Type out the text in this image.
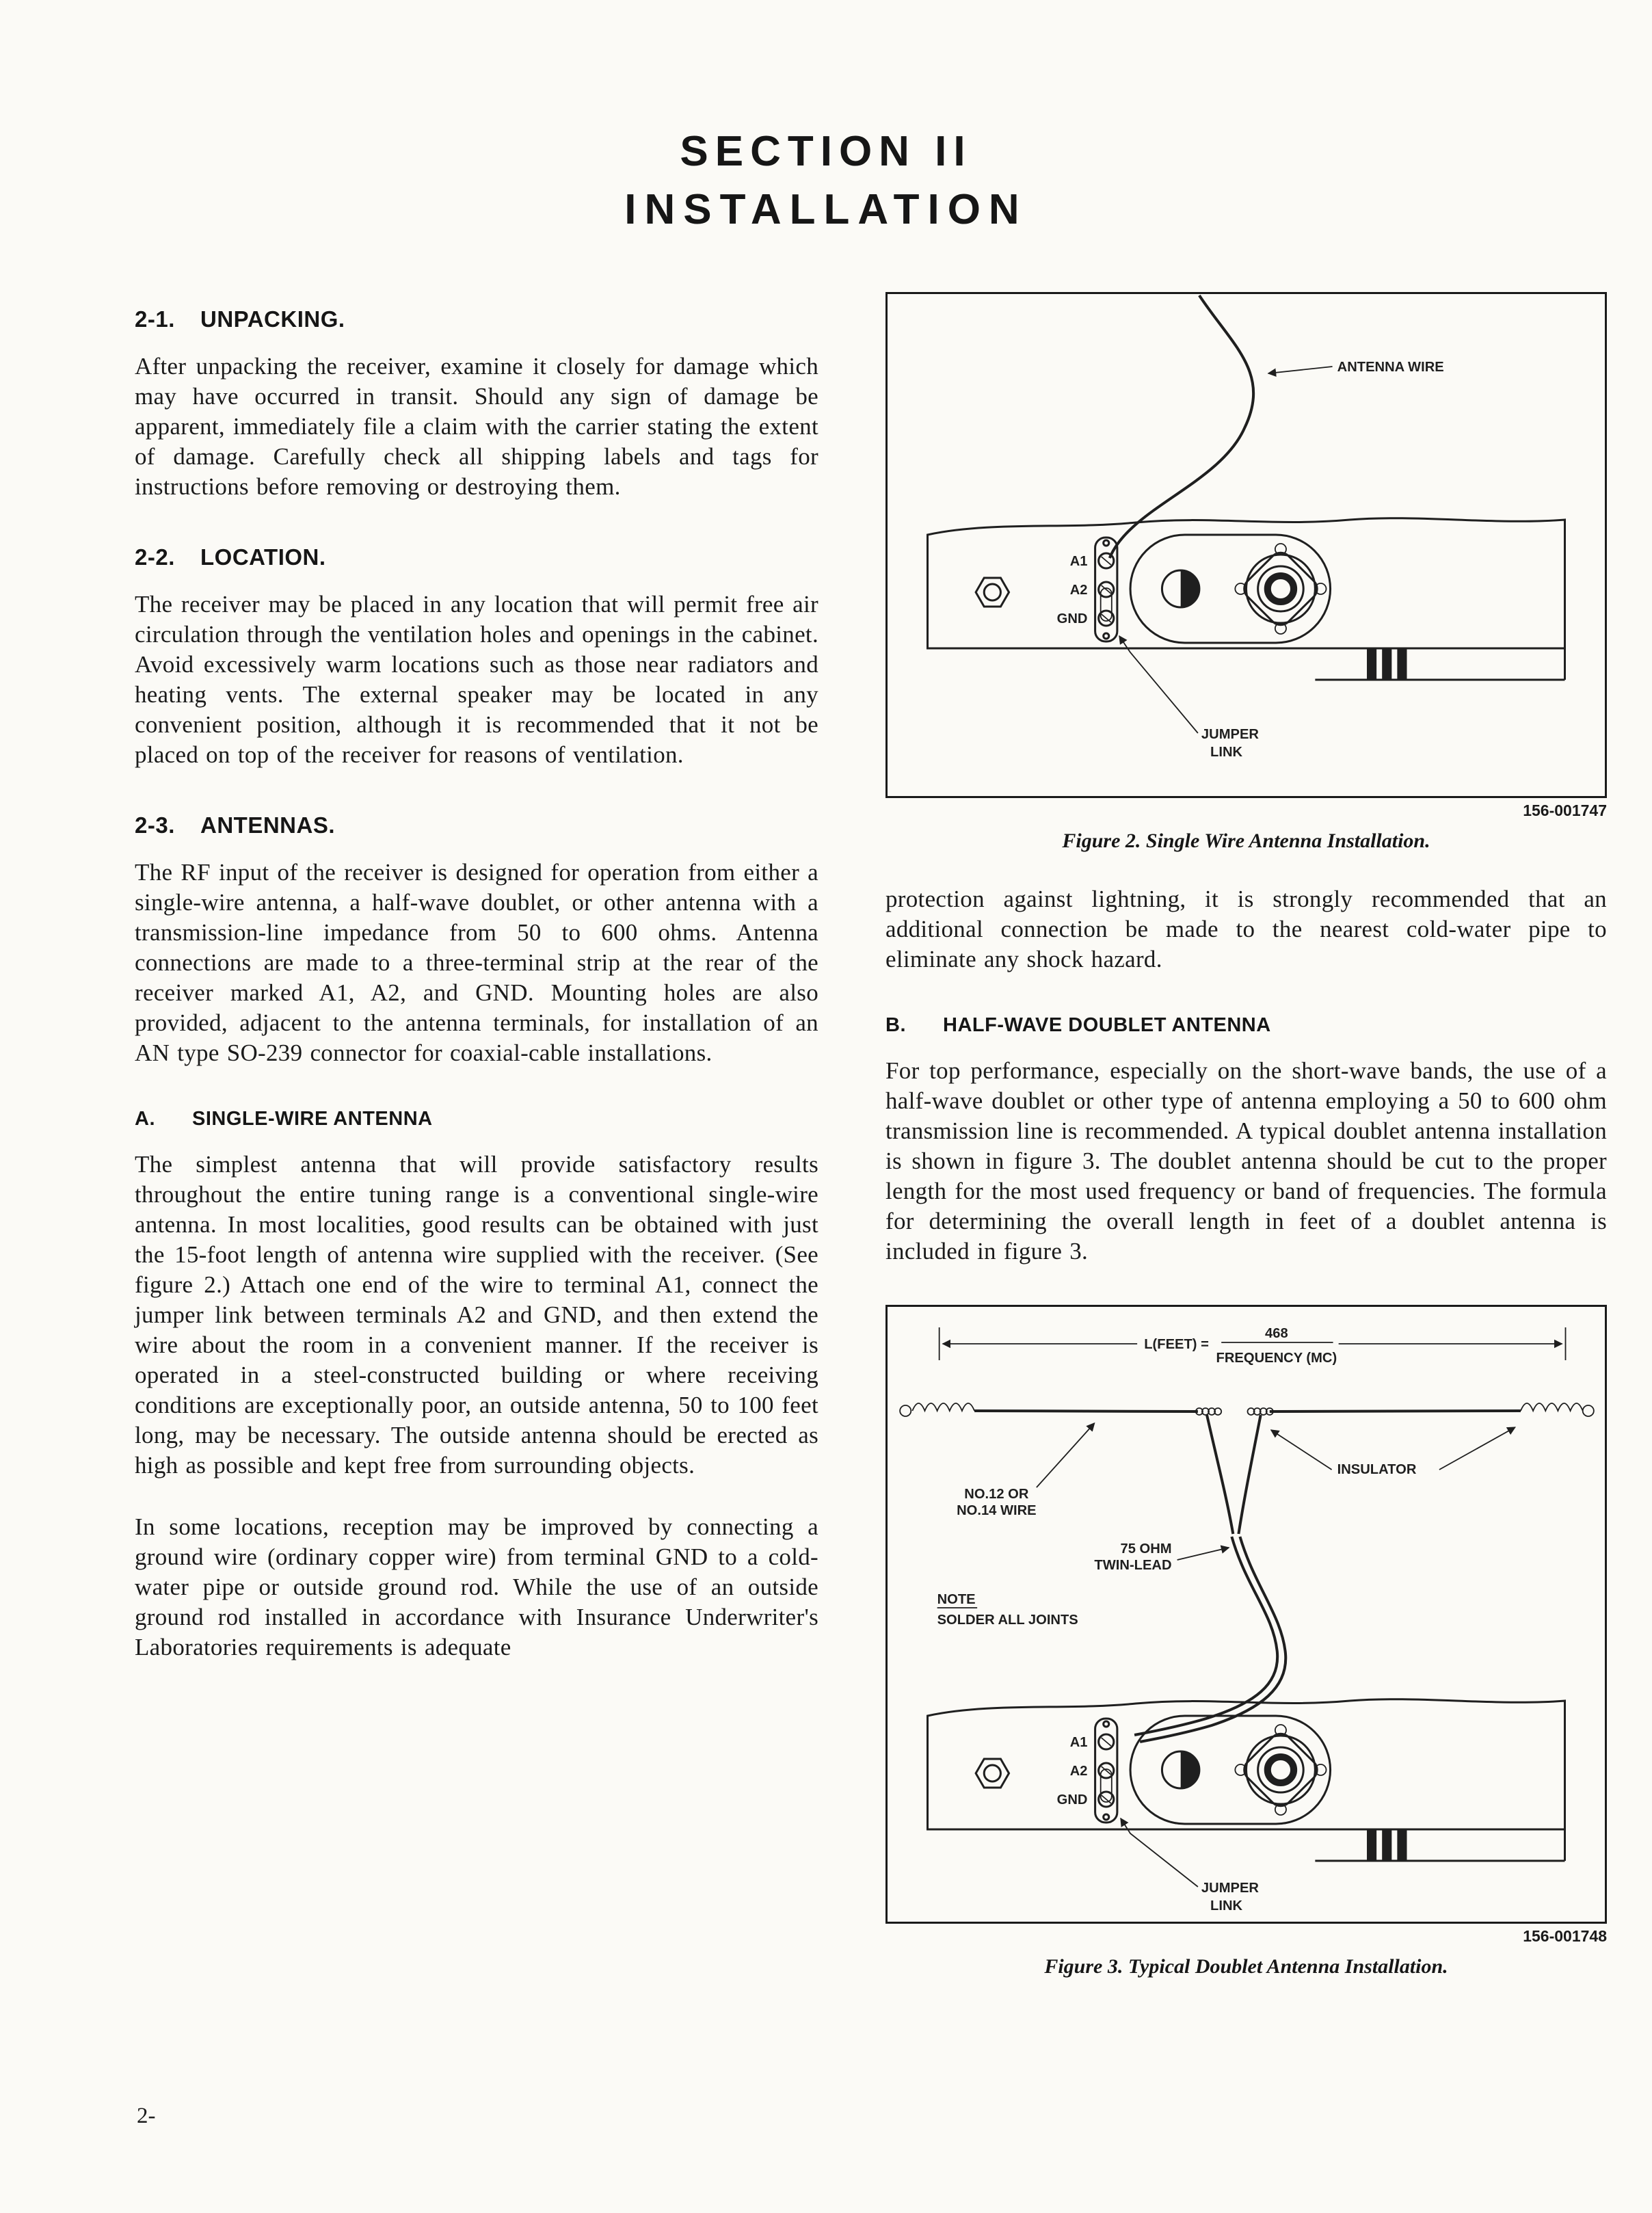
SECTION II
INSTALLATION
2-1. UNPACKING.

After unpacking the receiver, examine it closely for damage which may have occurred in transit. Should any sign of damage be apparent, immediately file a claim with the carrier stating the extent of damage. Carefully check all shipping labels and tags for instructions before removing or destroying them.

2-2. LOCATION.

The receiver may be placed in any location that will permit free air circulation through the ventilation holes and openings in the cabinet. Avoid excessively warm locations such as those near radiators and heating vents. The external speaker may be located in any convenient position, although it is recommended that it not be placed on top of the receiver for reasons of ventilation.

2-3. ANTENNAS.

The RF input of the receiver is designed for operation from either a single-wire antenna, a half-wave doublet, or other antenna with a transmission-line impedance from 50 to 600 ohms. Antenna connections are made to a three-terminal strip at the rear of the receiver marked A1, A2, and GND. Mounting holes are also provided, adjacent to the antenna terminals, for installation of an AN type SO-239 connector for coaxial-cable installations.

A. SINGLE-WIRE ANTENNA

The simplest antenna that will provide satisfactory results throughout the entire tuning range is a conventional single-wire antenna. In most localities, good results can be obtained with just the 15-foot length of antenna wire supplied with the receiver. (See figure 2.) Attach one end of the wire to terminal A1, connect the jumper link between terminals A2 and GND, and then extend the wire about the room in a convenient manner. If the receiver is operated in a steel-constructed building or where receiving conditions are exceptionally poor, an outside antenna, 50 to 100 feet long, may be necessary. The outside antenna should be erected as high as possible and kept free from surrounding objects.

In some locations, reception may be improved by connecting a ground wire (ordinary copper wire) from terminal GND to a cold-water pipe or outside ground rod. While the use of an outside ground rod installed in accordance with Insurance Underwriter's Laboratories requirements is adequate

ANTENNA WIRE
A1
A2
GND
JUMPER
LINK
156-001747
Figure 2. Single Wire Antenna Installation.

protection against lightning, it is strongly recommended that an additional connection be made to the nearest cold-water pipe to eliminate any shock hazard.

B. HALF-WAVE DOUBLET ANTENNA

For top performance, especially on the short-wave bands, the use of a half-wave doublet or other type of antenna employing a 50 to 600 ohm transmission line is recommended. A typical doublet antenna installation is shown in figure 3. The doublet antenna should be cut to the proper length for the most used frequency or band of frequencies. The formula for determining the overall length in feet of a doublet antenna is included in figure 3.

L(FEET) =
468
FREQUENCY (MC)
NO.12 OR
NO.14 WIRE
INSULATOR
75 OHM
TWIN-LEAD
NOTE
SOLDER ALL JOINTS
A1
A2
GND
JUMPER
LINK
156-001748
Figure 3. Typical Doublet Antenna Installation.
2-
